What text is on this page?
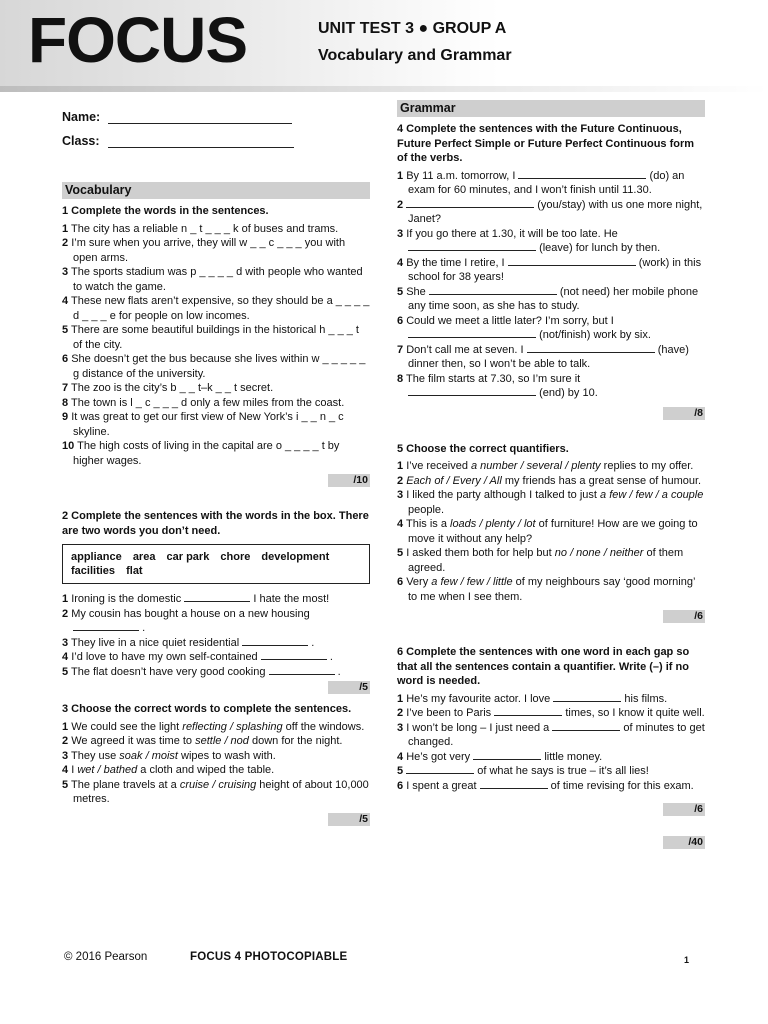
FOCUS	UNIT TEST 3 ● GROUP A
Vocabulary and Grammar
Name:
Class:
Vocabulary
1 Complete the words in the sentences.
1 The city has a reliable n _ t _ _ _ k of buses and trams.
2 I’m sure when you arrive, they will w _ _ c _ _ _ you with open arms.
3 The sports stadium was p _ _ _ _ d with people who wanted to watch the game.
4 These new flats aren’t expensive, so they should be a _ _ _ _ d _ _ _ e for people on low incomes.
5 There are some beautiful buildings in the historical h _ _ _ t of the city.
6 She doesn’t get the bus because she lives within w _ _ _ _ _ g distance of the university.
7 The zoo is the city’s b _ _ t–k _ _ t secret.
8 The town is l _ c _ _ _ d only a few miles from the coast.
9 It was great to get our first view of New York’s i _ _ n _ c skyline.
10 The high costs of living in the capital are o _ _ _ _ t by higher wages.
/10
2 Complete the sentences with the words in the box. There are two words you don’t need.
appliance area car park chore development
facilities flat
1 Ironing is the domestic	I hate the most!
2 My cousin has bought a house on a new housing  .
3 They live in a nice quiet residential	.
4 I’d love to have my own self-contained	.
5 The flat doesn’t have very good cooking	.
/5
3 Choose the correct words to complete the sentences.
1 We could see the light reflecting / splashing off the windows.
2 We agreed it was time to settle / nod down for the night.
3 They use soak / moist wipes to wash with.
4 I wet / bathed a cloth and wiped the table.
5 The plane travels at a cruise / cruising height of about 10,000 metres.
/5
Grammar
4 Complete the sentences with the Future Continuous, Future Perfect Simple or Future Perfect Continuous form of the verbs.
1 By 11 a.m. tomorrow, I	(do) an exam for 60 minutes, and I won’t finish until 11.30.
2	(you/stay) with us one more night, Janet?
3 If you go there at 1.30, it will be too late. He  (leave) for lunch by then.
4 By the time I retire, I	(work) in this school for 38 years!
5 She	(not need) her mobile phone any time soon, as she has to study.
6 Could we meet a little later? I’m sorry, but I  (not/finish) work by six.
7 Don’t call me at seven. I	(have) dinner then, so I won’t be able to talk.
8 The film starts at 7.30, so I’m sure it  (end) by 10.
/8
5 Choose the correct quantifiers.
1 I’ve received a number / several / plenty replies to my offer.
2 Each of / Every / All my friends has a great sense of humour.
3 I liked the party although I talked to just a few / few / a couple people.
4 This is a loads / plenty / lot of furniture! How are we going to move it without any help?
5 I asked them both for help but no / none / neither of them agreed.
6 Very a few / few / little of my neighbours say ‘good morning’ to me when I see them.
/6
6 Complete the sentences with one word in each gap so that all the sentences contain a quantifier. Write (–) if no word is needed.
1 He’s my favourite actor. I love	his films.
2 I’ve been to Paris	times, so I know it quite well.
3 I won’t be long – I just need a	of minutes to get changed.
4 He’s got very	little money.
5	of what he says is true – it’s all lies!
6 I spent a great	of time revising for this exam.
/6
/40
© 2016 Pearson	FOCUS 4 PHOTOCOPIABLE	1
